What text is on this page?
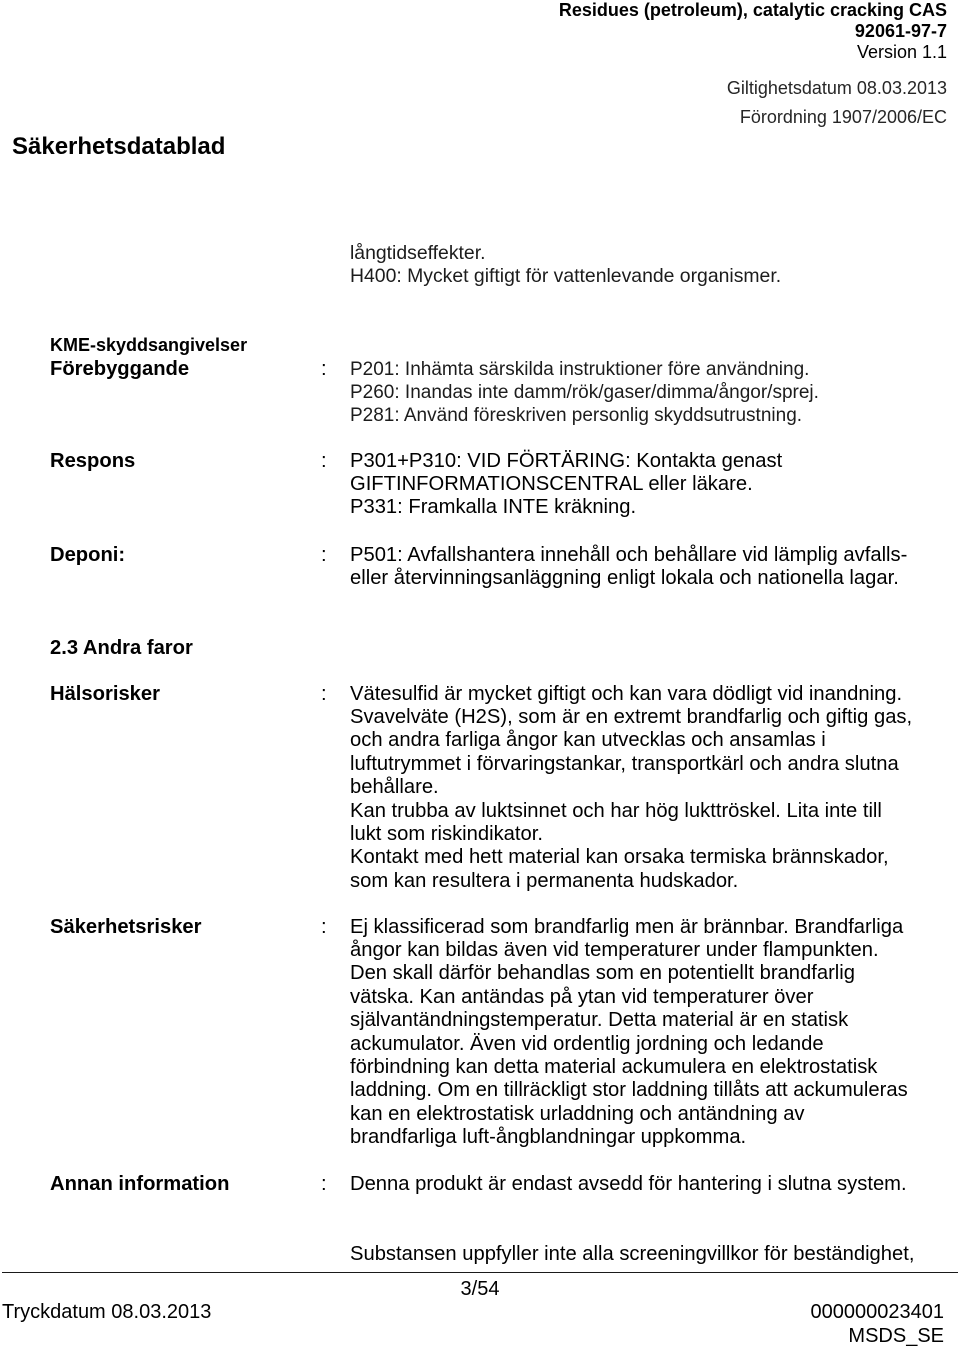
Residues (petroleum), catalytic cracking CAS
92061-97-7
Version 1.1
Giltighetsdatum 08.03.2013
Förordning 1907/2006/EC
Säkerhetsdatablad
långtidseffekter.
H400: Mycket giftigt för vattenlevande organismer.
KME-skyddsangivelser
Förebyggande	: P201: Inhämta särskilda instruktioner före användning.
P260: Inandas inte damm/rök/gaser/dimma/ångor/sprej.
P281: Använd föreskriven personlig skyddsutrustning.
Respons	: P301+P310: VID FÖRTÄRING: Kontakta genast
GIFTINFORMATIONSCENTRAL eller läkare.
P331: Framkalla INTE kräkning.
Deponi:	: P501: Avfallshantera innehåll och behållare vid lämplig avfalls-
eller återvinningsanläggning enligt lokala och nationella lagar.
2.3 Andra faror
Hälsorisker	: Vätesulfid är mycket giftigt och kan vara dödligt vid inandning.
Svavelväte (H2S), som är en extremt brandfarlig och giftig gas,
och andra farliga ångor kan utvecklas och ansamlas i
luftutrymmet i förvaringstankar, transportkärl och andra slutna
behållare.
Kan trubba av luktsinnet och har hög lukttröskel. Lita inte till
lukt som riskindikator.
Kontakt med hett material kan orsaka termiska brännskador,
som kan resultera i permanenta hudskador.
Säkerhetsrisker	: Ej klassificerad som brandfarlig men är brännbar. Brandfarliga
ångor kan bildas även vid temperaturer under flampunkten.
Den skall därför behandlas som en potentiellt brandfarlig
vätska. Kan antändas på ytan vid temperaturer över
självantändningstemperatur. Detta material är en statisk
ackumulator. Även vid ordentlig jordning och ledande
förbindning kan detta material ackumulera en elektrostatisk
laddning. Om en tillräckligt stor laddning tillåts att ackumuleras
kan en elektrostatisk urladdning och antändning av
brandfarliga luft-ångblandningar uppkomma.
Annan information	: Denna produkt är endast avsedd för hantering i slutna system.
Substansen uppfyller inte alla screeningvillkor för beständighet,
3/54
Tryckdatum 08.03.2013	000000023401
MSDS_SE
